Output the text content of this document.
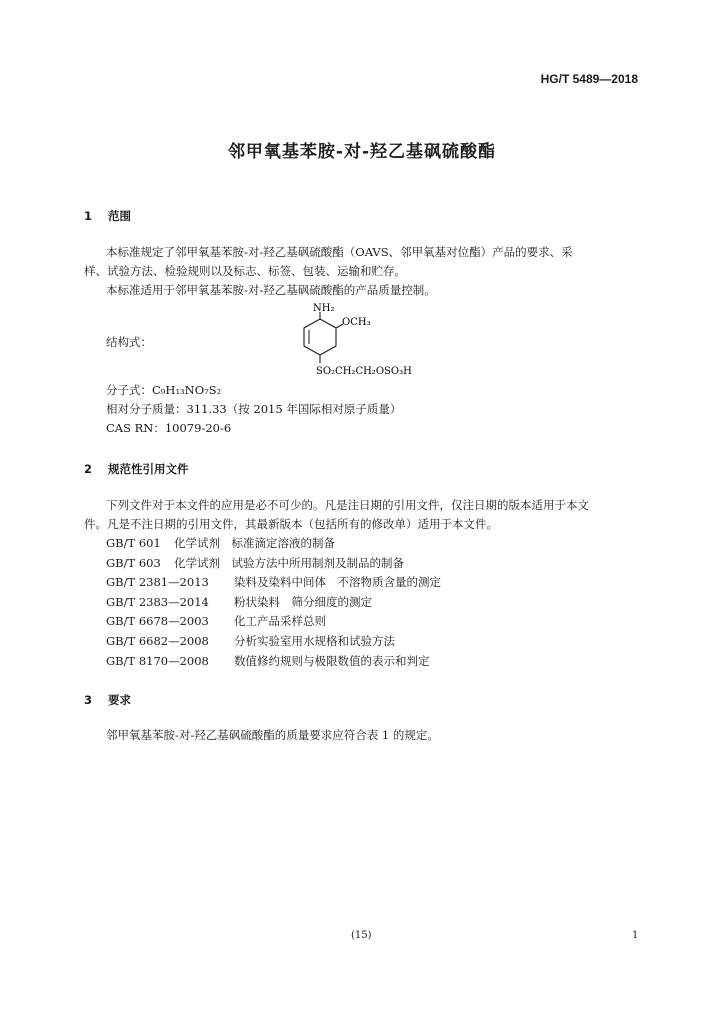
HG/T 5489—2018
邻甲氧基苯胺-对-羟乙基砜硫酸酯
1 范围
本标准规定了邻甲氧基苯胺-对-羟乙基砜硫酸酯（OAVS、邻甲氧基对位酯）产品的要求、采
样、试验方法、检验规则以及标志、标签、包装、运输和贮存。
本标准适用于邻甲氧基苯胺-对-羟乙基砜硫酸酯的产品质量控制。
结构式：
NH₂
OCH₃
SO₂CH₂CH₂OSO₃H
分子式：C₉H₁₃NO₇S₂
相对分子质量：311.33（按 2015 年国际相对原子质量）
CAS RN：10079-20-6
2 规范性引用文件
下列文件对于本文件的应用是必不可少的。凡是注日期的引用文件，仅注日期的版本适用于本文
件。凡是不注日期的引用文件，其最新版本（包括所有的修改单）适用于本文件。
GB/T 601 化学试剂　标准滴定溶液的制备
GB/T 603 化学试剂　试验方法中所用制剂及制品的制备
GB/T 2381—2013 染料及染料中间体　不溶物质含量的测定
GB/T 2383—2014 粉状染料　筛分细度的测定
GB/T 6678—2003 化工产品采样总则
GB/T 6682—2008 分析实验室用水规格和试验方法
GB/T 8170—2008 数值修约规则与极限数值的表示和判定
3 要求
邻甲氧基苯胺-对-羟乙基砜硫酸酯的质量要求应符合表 1 的规定。
(15)	1
